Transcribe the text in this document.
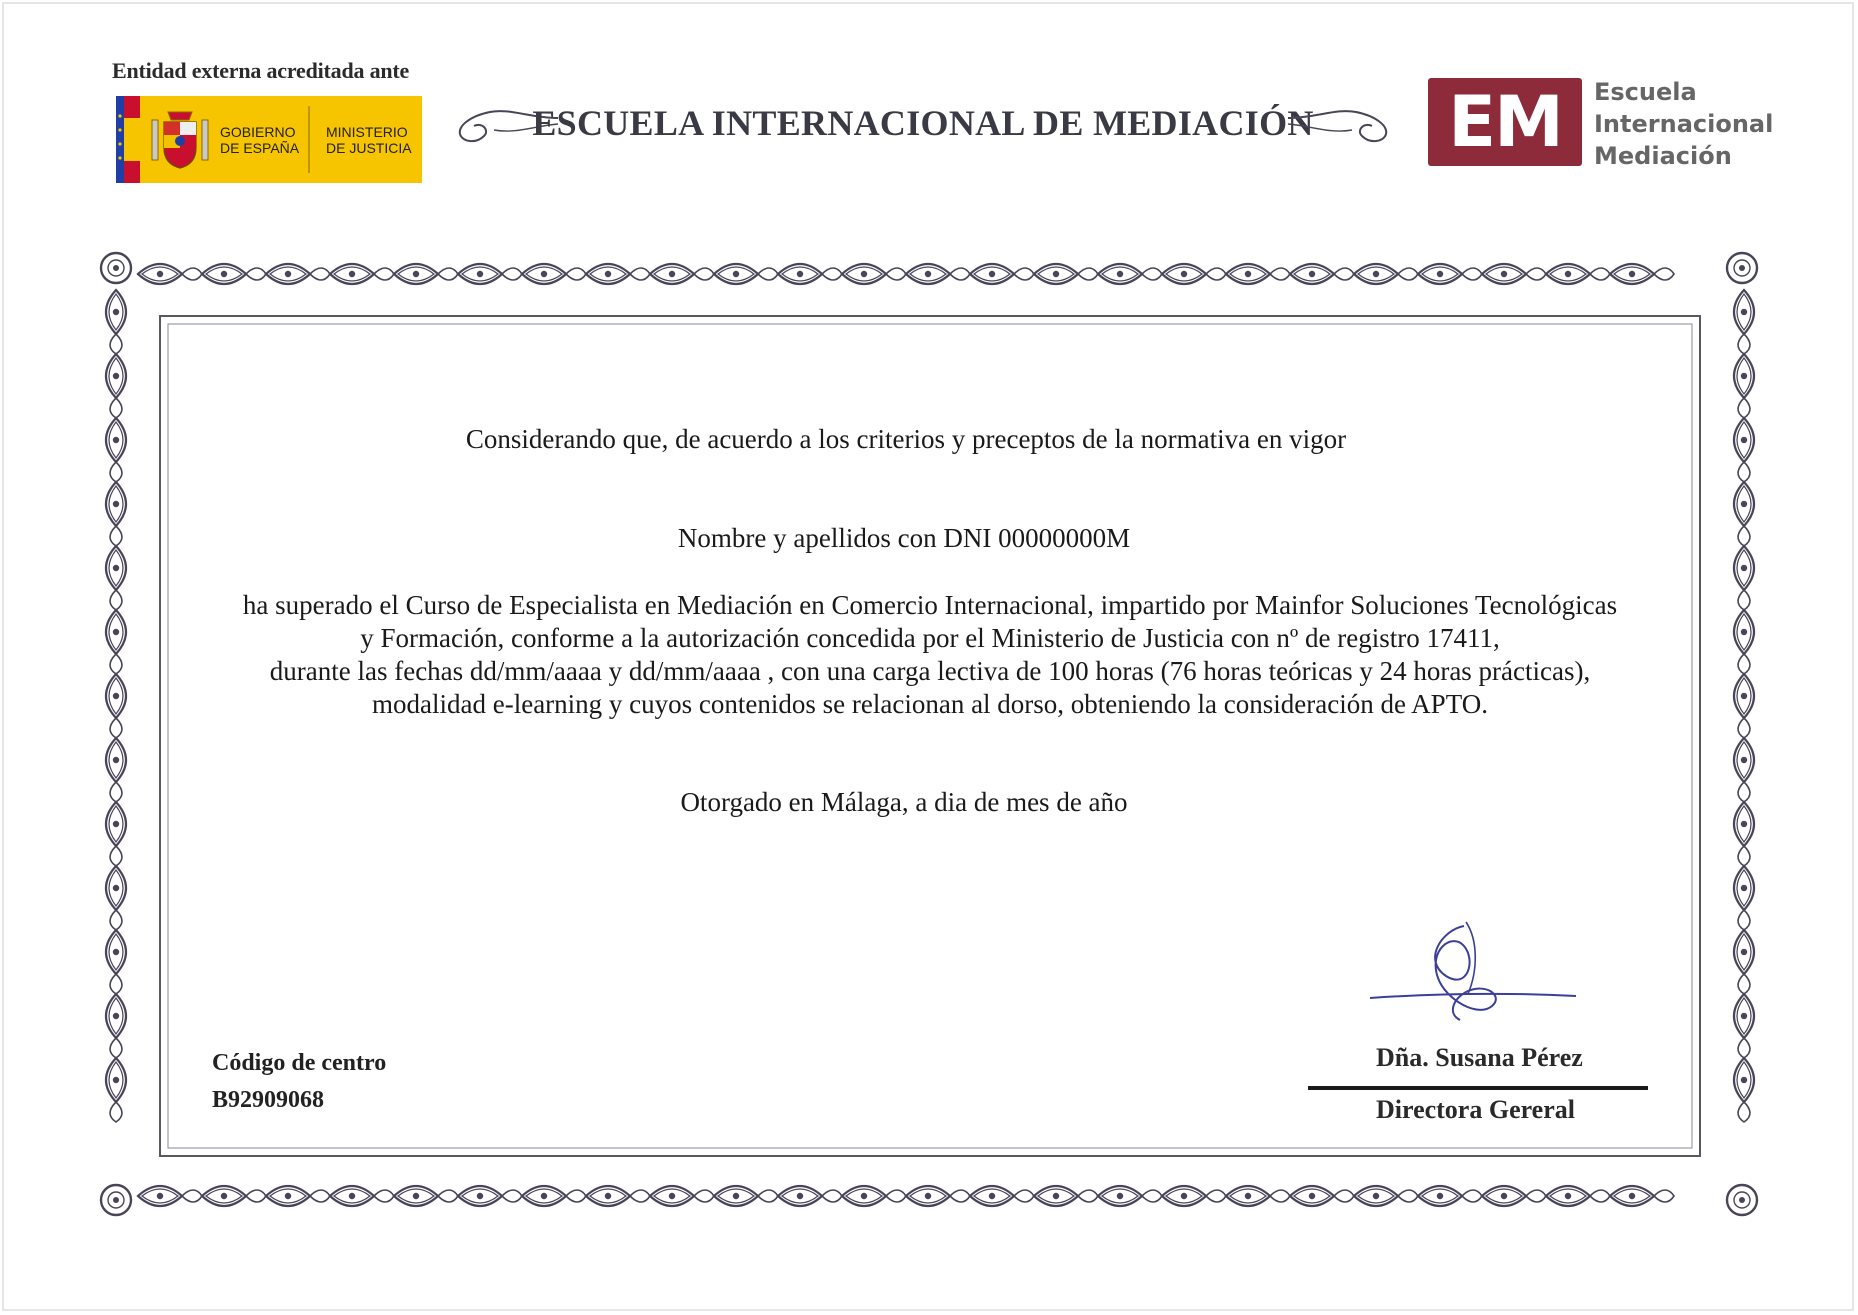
Entidad externa acreditada ante
GOBIERNO
DE ESPAÑA
MINISTERIO
DE JUSTICIA
ESCUELA INTERNACIONAL DE MEDIACIÓN	EM	Escuela
Internacional
Mediación
Considerando que, de acuerdo a los criterios y preceptos de la normativa en vigor
Nombre y apellidos con DNI 00000000M
ha superado el Curso de Especialista en Mediación en Comercio Internacional, impartido por Mainfor Soluciones Tecnológicas
y Formación, conforme a la autorización concedida por el Ministerio de Justicia con nº de registro 17411,
durante las fechas dd/mm/aaaa y dd/mm/aaaa , con una carga lectiva de 100 horas (76 horas teóricas y 24 horas prácticas),
modalidad e-learning y cuyos contenidos se relacionan al dorso, obteniendo la consideración de APTO.
Otorgado en Málaga, a dia de mes de año
Código de centro
B92909068
Dña. Susana Pérez
Directora Gereral
